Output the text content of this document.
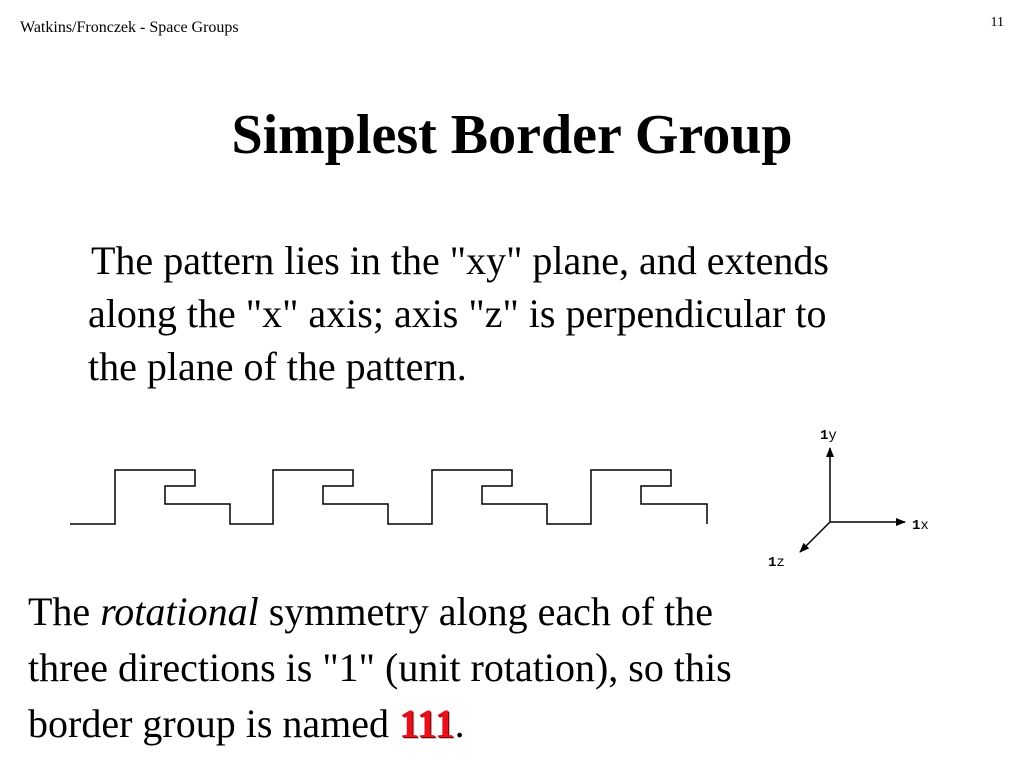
Watkins/Fronczek - Space Groups	11
Simplest Border Group

The pattern lies in the "xy" plane, and extends
along the "x" axis; axis "z" is perpendicular to
the plane of the pattern.

1y
1x
1z

The rotational symmetry along each of the
three directions is "1" (unit rotation), so this
border group is named 111.
